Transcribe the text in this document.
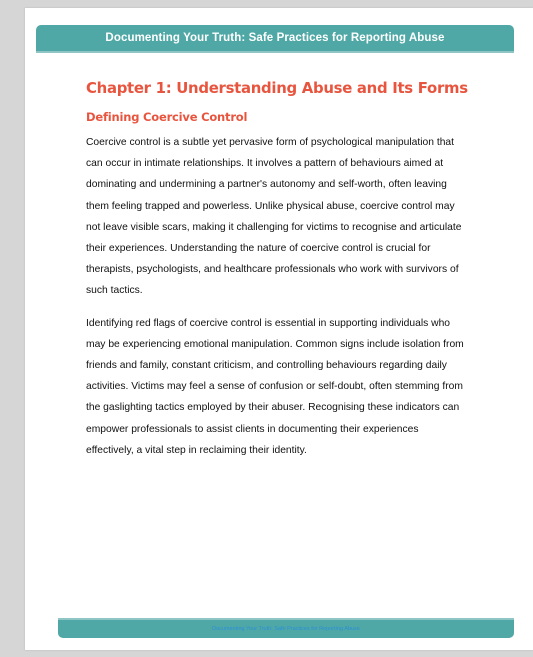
Documenting Your Truth: Safe Practices for Reporting Abuse
Chapter 1: Understanding Abuse and Its Forms
Defining Coercive Control

Coercive control is a subtle yet pervasive form of psychological manipulation that can occur in intimate relationships. It involves a pattern of behaviours aimed at dominating and undermining a partner's autonomy and self-worth, often leaving them feeling trapped and powerless. Unlike physical abuse, coercive control may not leave visible scars, making it challenging for victims to recognise and articulate their experiences. Understanding the nature of coercive control is crucial for therapists, psychologists, and healthcare professionals who work with survivors of such tactics.

Identifying red flags of coercive control is essential in supporting individuals who may be experiencing emotional manipulation. Common signs include isolation from friends and family, constant criticism, and controlling behaviours regarding daily activities. Victims may feel a sense of confusion or self-doubt, often stemming from the gaslighting tactics employed by their abuser. Recognising these indicators can empower professionals to assist clients in documenting their experiences effectively, a vital step in reclaiming their identity.

Documenting Your Truth: Safe Practices for Reporting Abuse
